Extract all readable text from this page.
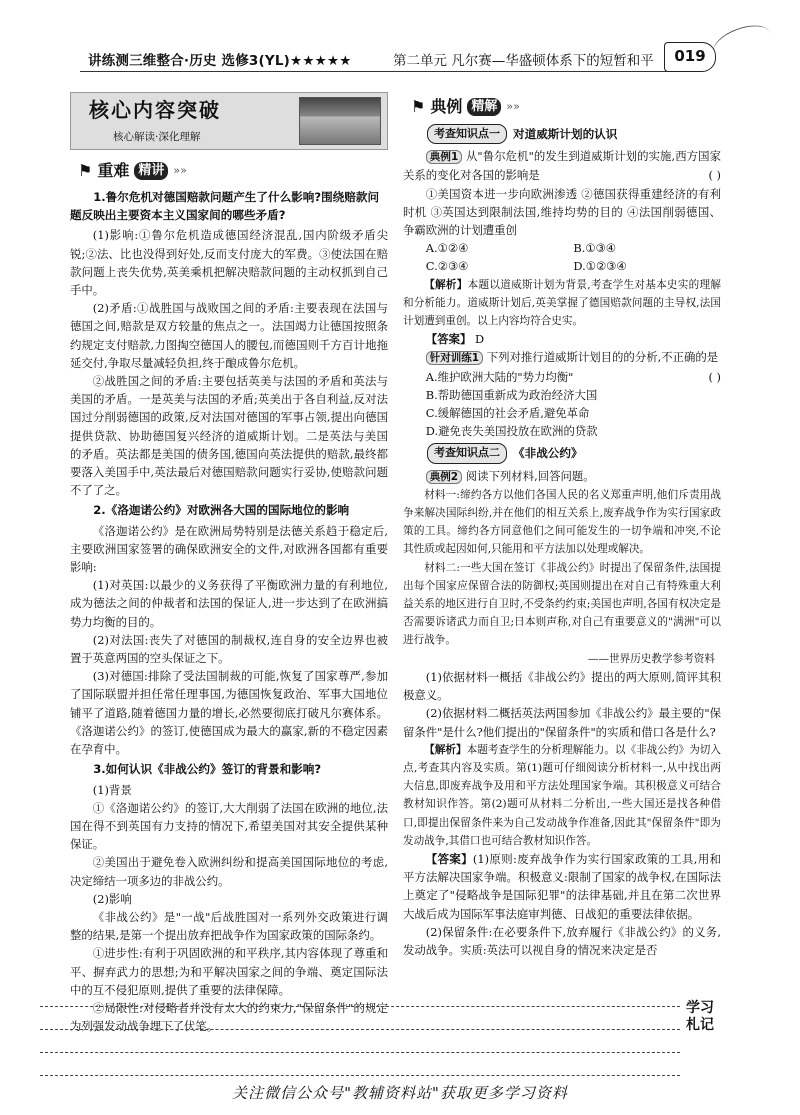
讲练测三维整合·历史 选修3(YL)★★★★★	第二单元 凡尔赛—华盛顿体系下的短暂和平	019
核心内容突破
核心解读·深化理解
⚑ 重难 精讲 »»
1.鲁尔危机对德国赔款问题产生了什么影响?围绕赔款问题反映出主要资本主义国家间的哪些矛盾?

(1)影响:①鲁尔危机造成德国经济混乱,国内阶级矛盾尖锐;②法、比也没得到好处,反而支付庞大的军费。③使法国在赔款问题上丧失优势,英美乘机把解决赔款问题的主动权抓到自己手中。

(2)矛盾:①战胜国与战败国之间的矛盾:主要表现在法国与德国之间,赔款是双方较量的焦点之一。法国竭力让德国按照条约规定支付赔款,力图掏空德国人的腰包,而德国则千方百计地拖延交付,争取尽量减轻负担,终于酿成鲁尔危机。

②战胜国之间的矛盾:主要包括英美与法国的矛盾和英法与美国的矛盾。一是英美与法国的矛盾;英美出于各自利益,反对法国过分削弱德国的政策,反对法国对德国的军事占领,提出向德国提供贷款、协助德国复兴经济的道威斯计划。二是英法与美国的矛盾。英法都是美国的债务国,德国向英法提供的赔款,最终都要落入美国手中,英法最后对德国赔款问题实行妥协,使赔款问题不了了之。

2.《洛迦诺公约》对欧洲各大国的国际地位的影响

《洛迦诺公约》是在欧洲局势特别是法德关系趋于稳定后,主要欧洲国家签署的确保欧洲安全的文件,对欧洲各国都有重要影响:

(1)对英国:以最少的义务获得了平衡欧洲力量的有利地位,成为德法之间的仲裁者和法国的保证人,进一步达到了在欧洲搞势力均衡的目的。

(2)对法国:丧失了对德国的制裁权,连自身的安全边界也被置于英意两国的空头保证之下。

(3)对德国:排除了受法国制裁的可能,恢复了国家尊严,参加了国际联盟并担任常任理事国,为德国恢复政治、军事大国地位铺平了道路,随着德国力量的增长,必然要彻底打破凡尔赛体系。《洛迦诺公约》的签订,使德国成为最大的赢家,新的不稳定因素在孕育中。

3.如何认识《非战公约》签订的背景和影响?

(1)背景

①《洛迦诺公约》的签订,大大削弱了法国在欧洲的地位,法国在得不到英国有力支持的情况下,希望美国对其安全提供某种保证。

②美国出于避免卷入欧洲纠纷和提高美国国际地位的考虑,决定缔结一项多边的非战公约。

(2)影响

《非战公约》是"一战"后战胜国对一系列外交政策进行调整的结果,是第一个提出放弃把战争作为国家政策的国际条约。

①进步性:有利于巩固欧洲的和平秩序,其内容体现了尊重和平、摒弃武力的思想;为和平解决国家之间的争端、奠定国际法中的互不侵犯原则,提供了重要的法律保障。

②局限性:对侵略者并没有太大的约束力,"保留条件"的规定为列强发动战争埋下了伏笔。

⚑ 典例 精解 »»
考查知识点一	对道威斯计划的认识

典例1 从"鲁尔危机"的发生到道威斯计划的实施,西方国家关系的变化对各国的影响是	( )

①美国资本进一步向欧洲渗透 ②德国获得重建经济的有利时机 ③英国达到限制法国,维持均势的目的 ④法国削弱德国、争霸欧洲的计划遭重创

A.①②④	B.①③④
C.②③④	D.①②③④

【解析】本题以道威斯计划为背景,考查学生对基本史实的理解和分析能力。道威斯计划后,英美掌握了德国赔款问题的主导权,法国计划遭到重创。以上内容均符合史实。

【答案】 D

针对训练1 下列对推行道威斯计划目的的分析,不正确的是
( )

A.维护欧洲大陆的"势力均衡"
B.帮助德国重新成为政治经济大国
C.缓解德国的社会矛盾,避免革命
D.避免丧失美国投放在欧洲的贷款
考查知识点二	《非战公约》

典例2 阅读下列材料,回答问题。

材料一:缔约各方以他们各国人民的名义郑重声明,他们斥责用战争来解决国际纠纷,并在他们的相互关系上,废弃战争作为实行国家政策的工具。缔约各方同意他们之间可能发生的一切争端和冲突,不论其性质或起因如何,只能用和平方法加以处理或解决。

材料二:一些大国在签订《非战公约》时提出了保留条件,法国提出每个国家应保留合法的防御权;英国则提出在对自己有特殊重大利益关系的地区进行自卫时,不受条约约束;美国也声明,各国有权决定是否需要诉诸武力而自卫;日本则声称,对自己有重要意义的"满洲"可以进行战争。

——世界历史教学参考资料

(1)依据材料一概括《非战公约》提出的两大原则,简评其积极意义。

(2)依据材料二概括英法两国参加《非战公约》最主要的"保留条件"是什么?他们提出的"保留条件"的实质和借口各是什么?

【解析】本题考查学生的分析理解能力。以《非战公约》为切入点,考查其内容及实质。第(1)题可仔细阅读分析材料一,从中找出两大信息,即废弃战争及用和平方法处理国家争端。其积极意义可结合教材知识作答。第(2)题可从材料二分析出,一些大国还是找各种借口,即提出保留条件来为自己发动战争作准备,因此其"保留条件"即为发动战争,其借口也可结合教材知识作答。

【答案】(1)原则:废弃战争作为实行国家政策的工具,用和平方法解决国家争端。积极意义:限制了国家的战争权,在国际法上奠定了"侵略战争是国际犯罪"的法律基础,并且在第二次世界大战后成为国际军事法庭审判德、日战犯的重要法律依据。

(2)保留条件:在必要条件下,放弃履行《非战公约》的义务,发动战争。实质:英法可以视自身的情况来决定是否

学习札记
关注微信公众号"教辅资料站"获取更多学习资料
